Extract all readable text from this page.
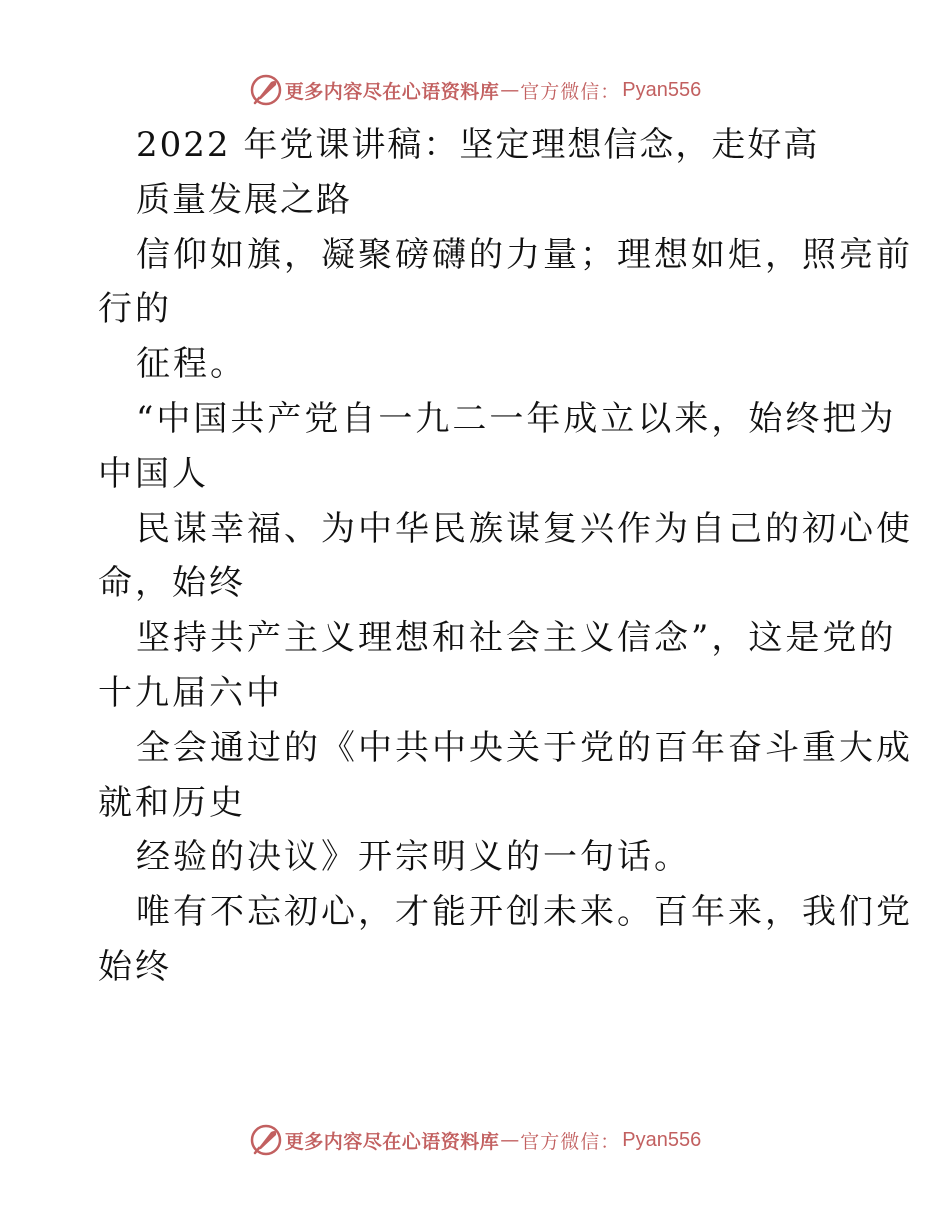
更多内容尽在心语资料库 — 官方微信： Pyan556
2022 年党课讲稿：坚定理想信念，走好高
质量发展之路
信仰如旗，凝聚磅礴的力量；理想如炬，照亮前
行的
征程。
“中国共产党自一九二一年成立以来，始终把为
中国人
民谋幸福、为中华民族谋复兴作为自己的初心使
命，始终
坚持共产主义理想和社会主义信念”，这是党的
十九届六中
全会通过的《中共中央关于党的百年奋斗重大成
就和历史
经验的决议》开宗明义的一句话。
唯有不忘初心，才能开创未来。百年来，我们党
始终
更多内容尽在心语资料库 — 官方微信： Pyan556
